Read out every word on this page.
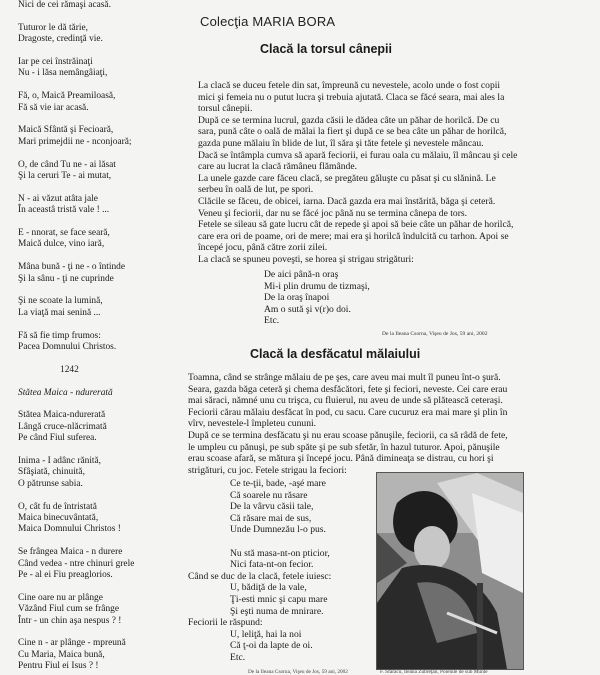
Nici de cei rămaşi acasă.
Tuturor le dă tărie,
Dragoste, credinţă vie.
Iar pe cei înstrăinaţi
Nu - i lăsa nemângâiaţi,
Fă, o, Maică Preamiloasă,
Fă să vie iar acasă.
Maică Sfântă şi Fecioară,
Mari primejdii ne - nconjoară;
O, de când Tu ne - ai lăsat
Şi la ceruri Te - ai mutat,
N - ai văzut atâta jale
În aceastâ tristă vale ! ...
E - nnorat, se face seară,
Maică dulce, vino iară,
Mâna bună - ţi ne - o întinde
Şi la sânu - ţi ne cuprinde
Şi ne scoate la lumină,
La viaţă mai senină ...
Fă să fie timp frumos:
Pacea Domnului Christos.
1242
Stătea Maica - ndurerată
Stătea Maica-ndurerată
Lângă cruce-nlăcrimată
Pe când Fiul suferea.
Inima - I adânc rănită,
Sfâşiată, chinuită,
O pătrunse sabia.
O, cât fu de întristată
Maica binecuvântată,
Maica Domnului Christos !
Se frângea Maica - n durere
Când vedea - ntre chinuri grele
Pe - al ei Fiu preaglorios.
Cine oare nu ar plânge
Văzând Fiul cum se frânge
Într - un chin aşa nespus ? !
Cine n - ar plânge - mpreună
Cu Maria, Maica bună,
Pentru Fiul ei Isus ? !
Colecţia MARIA BORA
Clacă la torsul cânepii
La clacă se duceu fetele din sat, împreună cu nevestele, acolo unde o fost copii
mici şi femeia nu o putut lucra şi trebuia ajutată. Claca se făcé seara, mai ales la
torsul cânepii.
După ce se termina lucrul, gazda căsii le dădea câte un păhar de horilcă. De cu
sara, pună câte o oală de mălai la fiert şi după ce se bea câte un păhar de horilcă,
gazda pune mălaiu în blide de lut, îl săra şi tăte fetele şi nevestele mâncau.
Dacă se întâmpla cumva să apară feciorii, ei furau oala cu mălaiu, îl mâncau şi cele
care au lucrat la clacă rămâneu flămânde.
La unele gazde care făceu clacă, se pregăteu găluşte cu păsat şi cu slănină. Le
serbeu în oală de lut, pe spori.
Clăcile se făceu, de obicei, iarna. Dacă gazda era mai înstărită, băga şi ceteră.
Veneu şi feciorii, dar nu se făcé joc până nu se termina cânepa de tors.
Fetele se sileau să gate lucru cât de repede şi apoi să beie câte un păhar de horilcă,
care era ori de poame, ori de mere; mai era şi horilcă îndulcită cu tarhon. Apoi se
începé jocu, până către zorii zilei.
La clacă se spuneu poveşti, se horea şi strigau strigături:
De aici până-n oraş
Mi-i plin drumu de tizmaşi,
De la oraş înapoi
Am o sută şi v(r)o doi.
Etc.
De la Ileana Csorna, Vişeu de Jos, 59 ani, 2002
Clacă la desfăcatul mălaiului
Toamna, când se strânge mălaiu de pe şes, care aveu mai mult îl puneu înt-o şură.
Seara, gazda băga ceteră şi chema desfăcători, fete şi feciori, neveste. Cei care erau
mai săraci, nămné unu cu trişca, cu fluierul, nu aveu de unde să plătească ceteraşi.
Feciorii cărau mălaiu desfăcat în pod, cu sacu. Care cucuruz era mai mare şi plin în
vîrv, nevestele-l împleteu cununi.
După ce se termina desfăcatu şi nu erau scoase pănuşile, feciorii, ca să râdă de fete,
le umpleu cu pănuşi, pe sub spăte şi pe sub sfetăr, în hazul tuturor. Apoi, pănuşile
erau scoase afară, se mătura şi începé jocu. Până dimineaţa se distrau, cu hori şi
strigături, cu joc. Fetele strigau la feciori:
Ce te-ţii, bade, -aşé mare
Că soarele nu răsare
De la vârvu căsii tale,
Că răsare mai de sus,
Unde Dumnezău l-o pus.

Nu stă masa-nt-on pticior,
Nici fata-nt-on fecior.
Când se duc de la clacă, fetele iuiesc:
U, bădiţă de la vale,
Ţi-esti mnic şi capu mare
Şi eşti numa de mnirare.
Feciorii le răspund:
U, leliţă, hai la noi
Că ţ-oi da lapte de oi.
Etc.
De la Ileana Csorna, Vişeu de Jos, 59 ani, 2002	F. Sfârăcu, Ileana Zubreţan, Poienile de sub Munte
